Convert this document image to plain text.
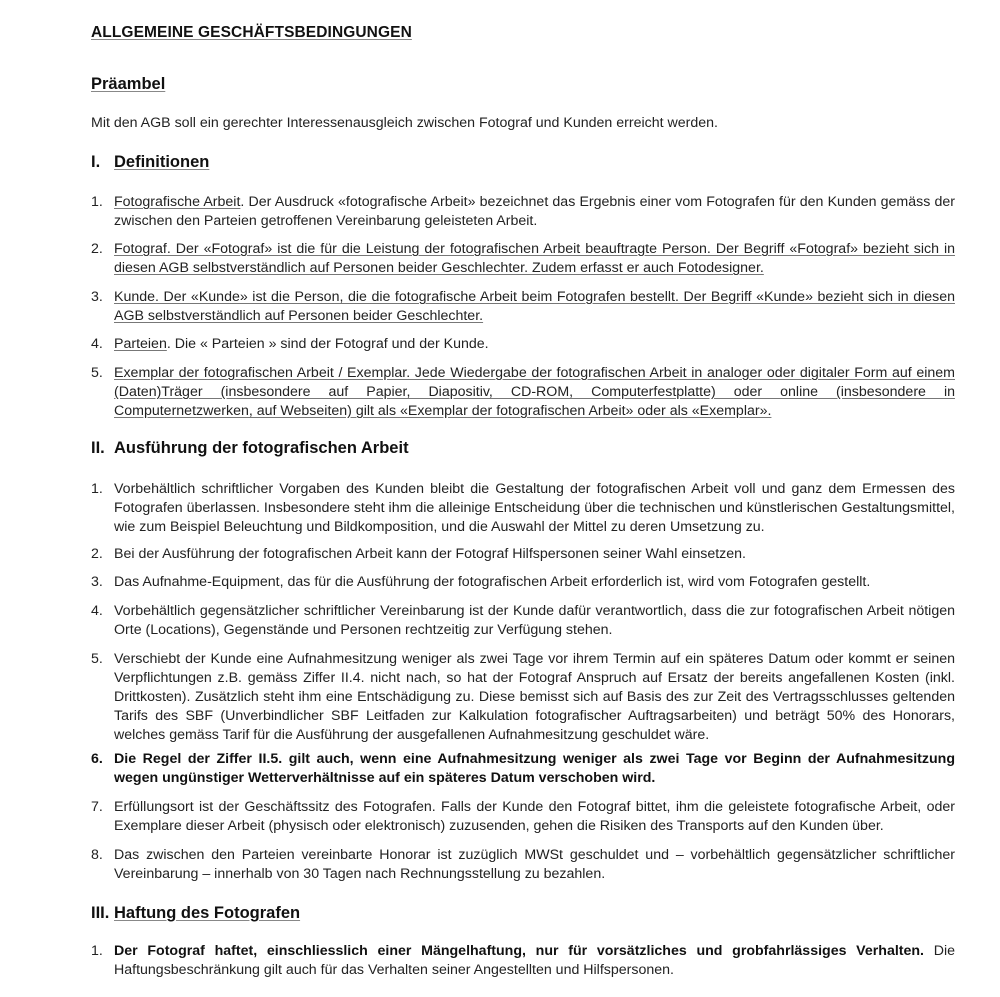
ALLGEMEINE GESCHÄFTSBEDINGUNGEN
Präambel

Mit den AGB soll ein gerechter Interessenausgleich zwischen Fotograf und Kunden erreicht werden.

I. Definitionen
1. Fotografische Arbeit. Der Ausdruck «fotografische Arbeit» bezeichnet das Ergebnis einer vom Fotografen für den Kunden gemäss der zwischen den Parteien getroffenen Vereinbarung geleisteten Arbeit.
2. Fotograf. Der «Fotograf» ist die für die Leistung der fotografischen Arbeit beauftragte Person. Der Begriff «Fotograf» bezieht sich in diesen AGB selbstverständlich auf Personen beider Geschlechter. Zudem erfasst er auch Fotodesigner.
3. Kunde. Der «Kunde» ist die Person, die die fotografische Arbeit beim Fotografen bestellt. Der Begriff «Kunde» bezieht sich in diesen AGB selbstverständlich auf Personen beider Geschlechter.
4. Parteien. Die « Parteien » sind der Fotograf und der Kunde.
5. Exemplar der fotografischen Arbeit / Exemplar. Jede Wiedergabe der fotografischen Arbeit in analoger oder digitaler Form auf einem (Daten)Träger (insbesondere auf Papier, Diapositiv, CD-ROM, Computerfestplatte) oder online (insbesondere in Computernetzwerken, auf Webseiten) gilt als «Exemplar der fotografischen Arbeit» oder als «Exemplar».
II. Ausführung der fotografischen Arbeit
1. Vorbehältlich schriftlicher Vorgaben des Kunden bleibt die Gestaltung der fotografischen Arbeit voll und ganz dem Ermessen des Fotografen überlassen. Insbesondere steht ihm die alleinige Entscheidung über die technischen und künstlerischen Gestaltungsmittel, wie zum Beispiel Beleuchtung und Bildkomposition, und die Auswahl der Mittel zu deren Umsetzung zu.
2. Bei der Ausführung der fotografischen Arbeit kann der Fotograf Hilfspersonen seiner Wahl einsetzen.
3. Das Aufnahme-Equipment, das für die Ausführung der fotografischen Arbeit erforderlich ist, wird vom Fotografen gestellt.
4. Vorbehältlich gegensätzlicher schriftlicher Vereinbarung ist der Kunde dafür verantwortlich, dass die zur fotografischen Arbeit nötigen Orte (Locations), Gegenstände und Personen rechtzeitig zur Verfügung stehen.
5. Verschiebt der Kunde eine Aufnahmesitzung weniger als zwei Tage vor ihrem Termin auf ein späteres Datum oder kommt er seinen Verpflichtungen z.B. gemäss Ziffer II.4. nicht nach, so hat der Fotograf Anspruch auf Ersatz der bereits angefallenen Kosten (inkl. Drittkosten). Zusätzlich steht ihm eine Entschädigung zu. Diese bemisst sich auf Basis des zur Zeit des Vertragsschlusses geltenden Tarifs des SBF (Unverbindlicher SBF Leitfaden zur Kalkulation fotografischer Auftragsarbeiten) und beträgt 50% des Honorars, welches gemäss Tarif für die Ausführung der ausgefallenen Aufnahmesitzung geschuldet wäre.
6. Die Regel der Ziffer II.5. gilt auch, wenn eine Aufnahmesitzung weniger als zwei Tage vor Beginn der Aufnahmesitzung wegen ungünstiger Wetterverhältnisse auf ein späteres Datum verschoben wird.
7. Erfüllungsort ist der Geschäftssitz des Fotografen. Falls der Kunde den Fotograf bittet, ihm die geleistete fotografische Arbeit, oder Exemplare dieser Arbeit (physisch oder elektronisch) zuzusenden, gehen die Risiken des Transports auf den Kunden über.
8. Das zwischen den Parteien vereinbarte Honorar ist zuzüglich MWSt geschuldet und – vorbehältlich gegensätzlicher schriftlicher Vereinbarung – innerhalb von 30 Tagen nach Rechnungsstellung zu bezahlen.
III. Haftung des Fotografen
1. Der Fotograf haftet, einschliesslich einer Mängelhaftung, nur für vorsätzliches und grobfahrlässiges Verhalten. Die Haftungsbeschränkung gilt auch für das Verhalten seiner Angestellten und Hilfspersonen.
